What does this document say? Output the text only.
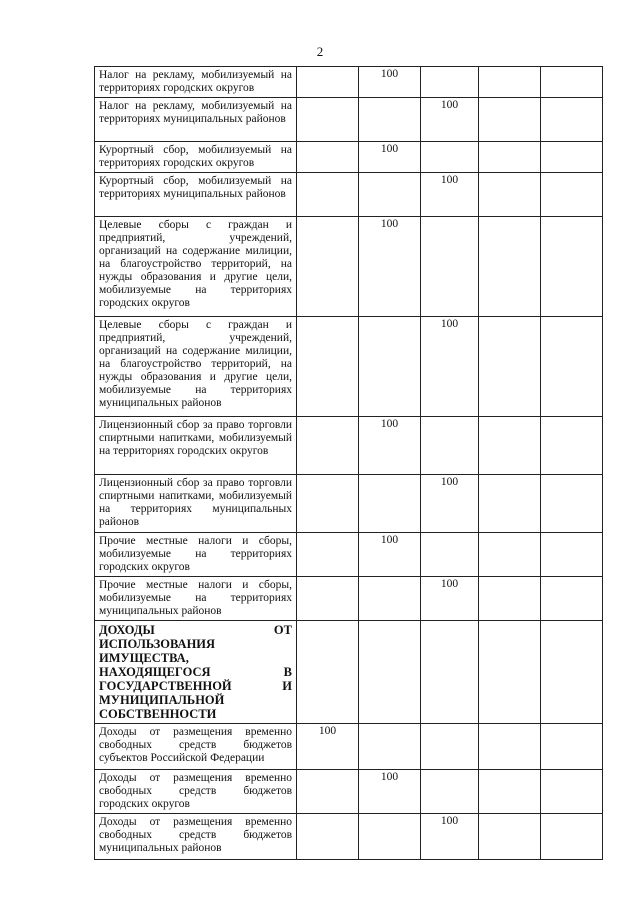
2
Налог на рекламу, мобилизуемый на территориях городских округов		100			
Налог на рекламу, мобилизуемый на территориях муниципальных районов			100		
Курортный сбор, мобилизуемый на территориях городских округов		100			
Курортный сбор, мобилизуемый на территориях муниципальных районов			100		
Целевые сборы с граждан и предприятий, учреждений, организаций на содержание милиции, на благоустройство территорий, на нужды образования и другие цели, мобилизуемые на территориях городских округов		100			
Целевые сборы с граждан и предприятий, учреждений, организаций на содержание милиции, на благоустройство территорий, на нужды образования и другие цели, мобилизуемые на территориях муниципальных районов			100		
Лицензионный сбор за право торговли спиртными напитками, мобилизуемый на территориях городских округов		100			
Лицензионный сбор за право торговли спиртными напитками, мобилизуемый на территориях муниципальных районов			100		
Прочие местные налоги и сборы, мобилизуемые на территориях городских округов		100			
Прочие местные налоги и сборы, мобилизуемые на территориях муниципальных районов			100		
ДОХОДЫ ОТ ИСПОЛЬЗОВАНИЯ ИМУЩЕСТВА, НАХОДЯЩЕГОСЯ В ГОСУДАРСТВЕННОЙ И МУНИЦИПАЛЬНОЙ СОБСТВЕННОСТИ					
Доходы от размещения временно свободных средств бюджетов субъектов Российской Федерации	100				
Доходы от размещения временно свободных средств бюджетов городских округов		100			
Доходы от размещения временно свободных средств бюджетов муниципальных районов			100		
